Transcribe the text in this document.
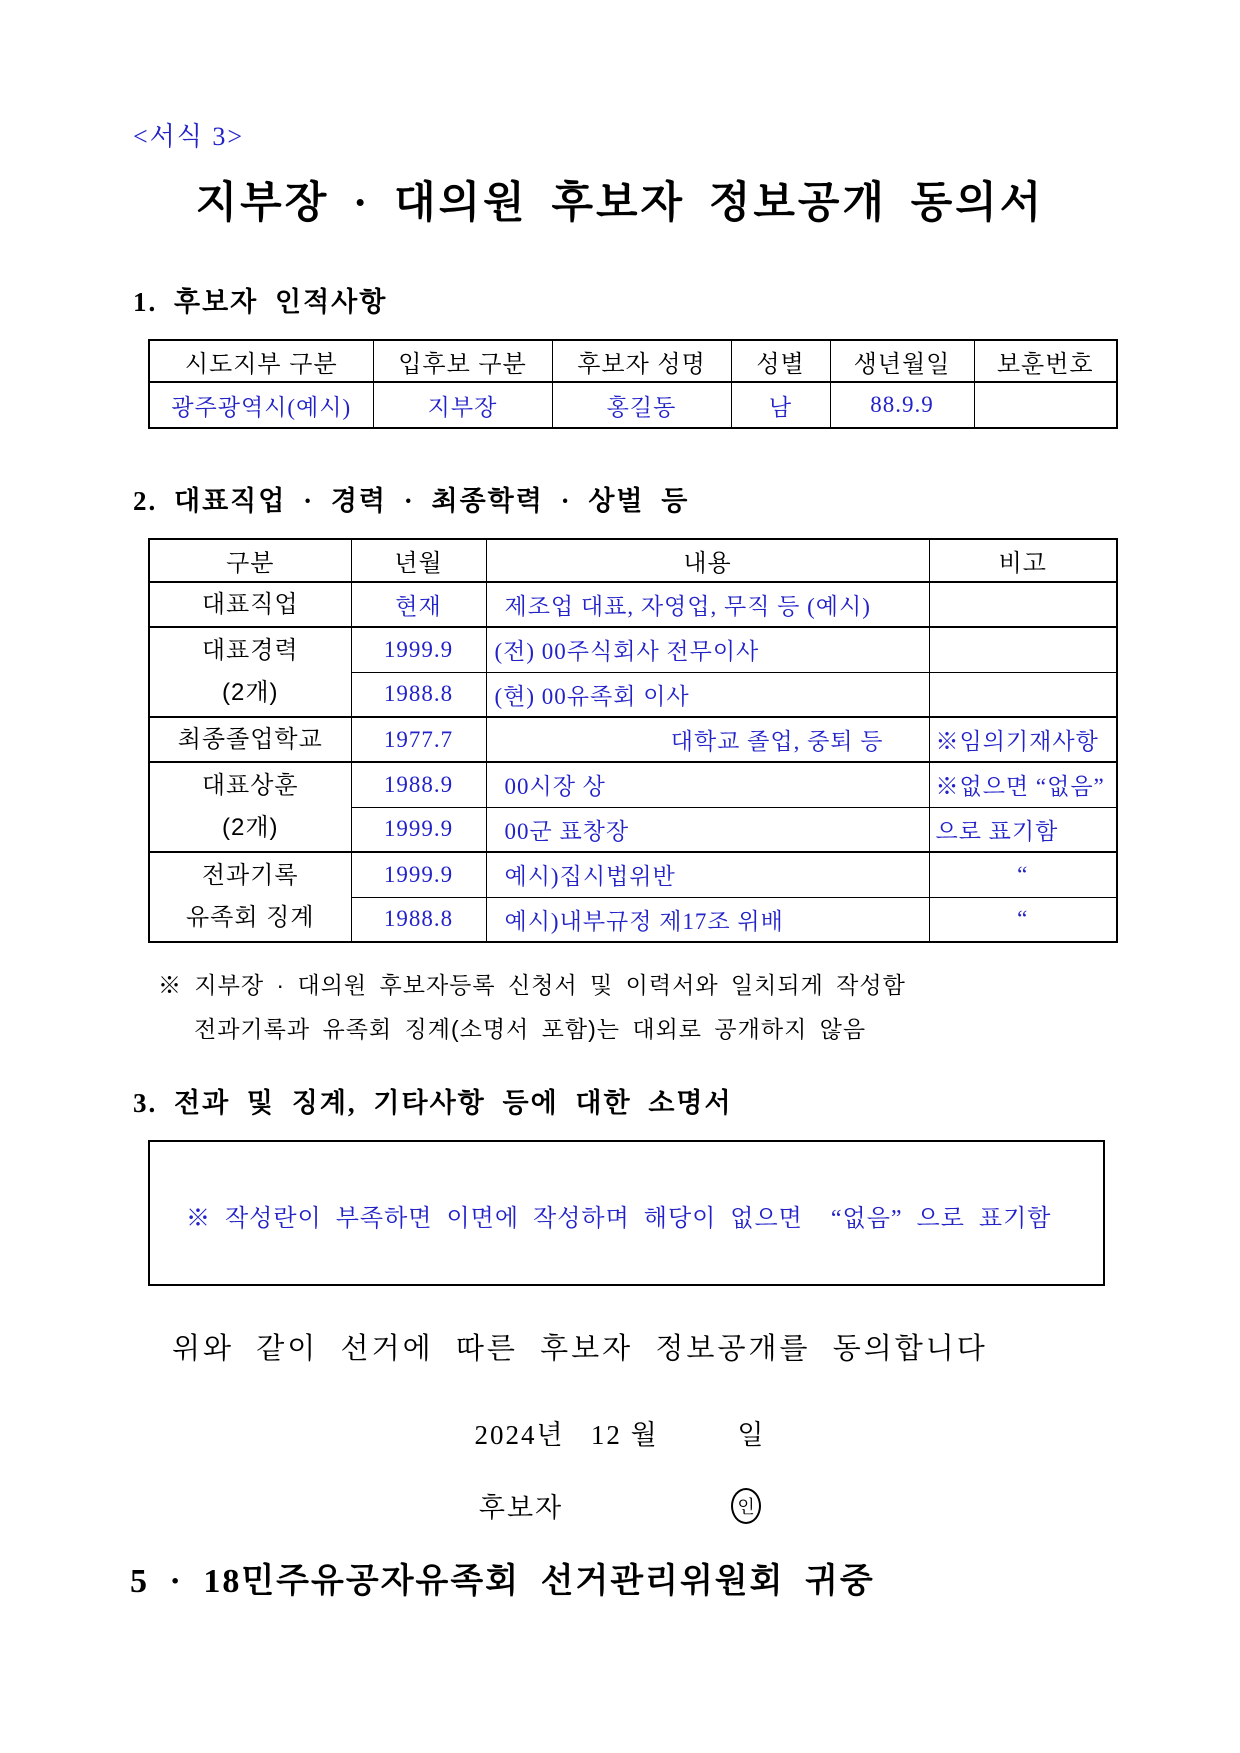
<서식 3>
지부장 · 대의원 후보자 정보공개 동의서
1. 후보자 인적사항
시도지부 구분	입후보 구분	후보자 성명	성별	생년월일	보훈번호
광주광역시(예시)	지부장	홍길동	남	88.9.9	
2. 대표직업 · 경력 · 최종학력 · 상벌 등
구분	년월	내용	비고
대표직업	현재	제조업 대표, 자영업, 무직 등 (예시)	
대표경력
(2개)	1999.9	(전) 00주식회사 전무이사	
	1988.8	(현) 00유족회 이사	
최종졸업학교	1977.7	대학교 졸업, 중퇴 등	※임의기재사항
대표상훈
(2개)	1988.9	00시장 상	※없으면 “없음”
	1999.9	00군 표창장	으로 표기함
전과기록
유족회 징계	1999.9	예시)집시법위반	“
	1988.8	예시)내부규정 제17조 위배	“
※ 지부장 · 대의원 후보자등록 신청서 및 이력서와 일치되게 작성함
전과기록과 유족회 징계(소명서 포함)는 대외로 공개하지 않음
3. 전과 및 징계, 기타사항 등에 대한 소명서
※ 작성란이 부족하면 이면에 작성하며 해당이 없으면  “없음” 으로 표기함
위와 같이 선거에 따른 후보자 정보공개를 동의합니다
2024년   12 월         일
후보자	인
5 · 18민주유공자유족회 선거관리위원회 귀중
